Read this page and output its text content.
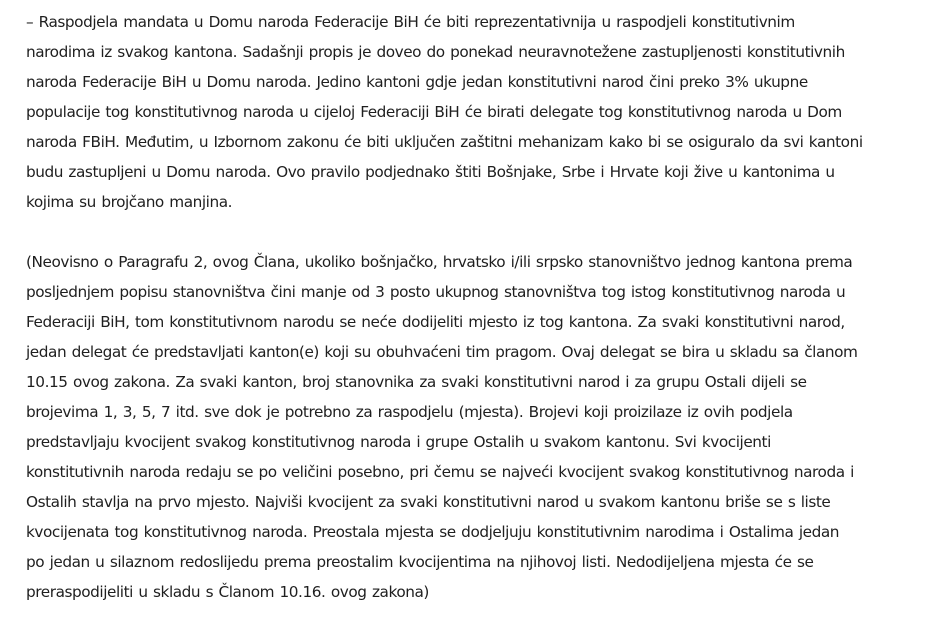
– Raspodjela mandata u Domu naroda Federacije BiH će biti reprezentativnija u raspodjeli konstitutivnim
narodima iz svakog kantona. Sadašnji propis je doveo do ponekad neuravnotežene zastupljenosti konstitutivnih
naroda Federacije BiH u Domu naroda. Jedino kantoni gdje jedan konstitutivni narod čini preko 3% ukupne
populacije tog konstitutivnog naroda u cijeloj Federaciji BiH će birati delegate tog konstitutivnog naroda u Dom
naroda FBiH. Međutim, u Izbornom zakonu će biti uključen zaštitni mehanizam kako bi se osiguralo da svi kantoni
budu zastupljeni u Domu naroda. Ovo pravilo podjednako štiti Bošnjake, Srbe i Hrvate koji žive u kantonima u
kojima su brojčano manjina.

(Neovisno o Paragrafu 2, ovog Člana, ukoliko bošnjačko, hrvatsko i/ili srpsko stanovništvo jednog kantona prema
posljednjem popisu stanovništva čini manje od 3 posto ukupnog stanovništva tog istog konstitutivnog naroda u
Federaciji BiH, tom konstitutivnom narodu se neće dodijeliti mjesto iz tog kantona. Za svaki konstitutivni narod,
jedan delegat će predstavljati kanton(e) koji su obuhvaćeni tim pragom. Ovaj delegat se bira u skladu sa članom
10.15 ovog zakona. Za svaki kanton, broj stanovnika za svaki konstitutivni narod i za grupu Ostali dijeli se
brojevima 1, 3, 5, 7 itd. sve dok je potrebno za raspodjelu (mjesta). Brojevi koji proizilaze iz ovih podjela
predstavljaju kvocijent svakog konstitutivnog naroda i grupe Ostalih u svakom kantonu. Svi kvocijenti
konstitutivnih naroda redaju se po veličini posebno, pri čemu se najveći kvocijent svakog konstitutivnog naroda i
Ostalih stavlja na prvo mjesto. Najviši kvocijent za svaki konstitutivni narod u svakom kantonu briše se s liste
kvocijenata tog konstitutivnog naroda. Preostala mjesta se dodjeljuju konstitutivnim narodima i Ostalima jedan
po jedan u silaznom redoslijedu prema preostalim kvocijentima na njihovoj listi. Nedodijeljena mjesta će se
preraspodijeliti u skladu s Članom 10.16. ovog zakona)
